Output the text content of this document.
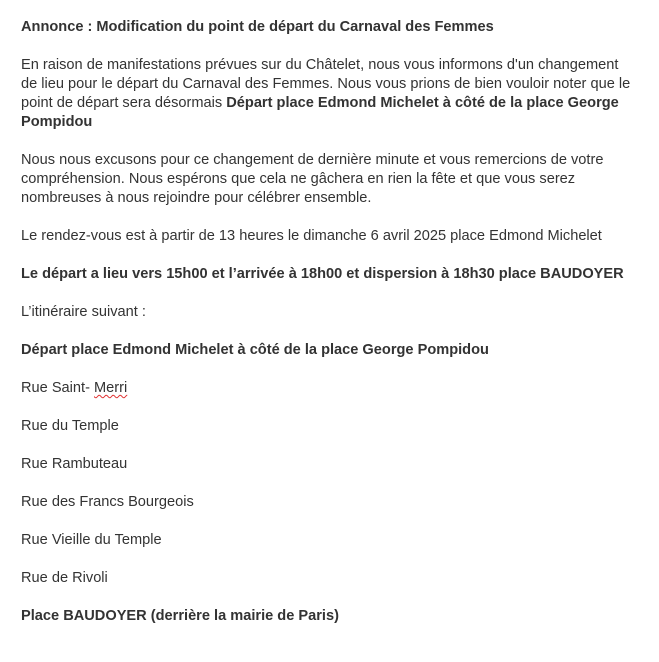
Annonce : Modification du point de départ du Carnaval des Femmes

En raison de manifestations prévues sur du Châtelet, nous vous informons d'un changement de lieu pour le départ du Carnaval des Femmes. Nous vous prions de bien vouloir noter que le point de départ sera désormais Départ place Edmond Michelet à côté de la place George Pompidou

Nous nous excusons pour ce changement de dernière minute et vous remercions de votre compréhension. Nous espérons que cela ne gâchera en rien la fête et que vous serez nombreuses à nous rejoindre pour célébrer ensemble.

Le rendez-vous est à partir de 13 heures le dimanche 6 avril 2025 place Edmond Michelet

Le départ a lieu vers 15h00 et l’arrivée à 18h00 et dispersion à 18h30 place BAUDOYER

L’itinéraire suivant :

Départ place Edmond Michelet à côté de la place George Pompidou

Rue Saint- Merri

Rue du Temple

Rue Rambuteau

Rue des Francs Bourgeois

Rue Vieille du Temple

Rue de Rivoli

Place BAUDOYER (derrière la mairie de Paris)
